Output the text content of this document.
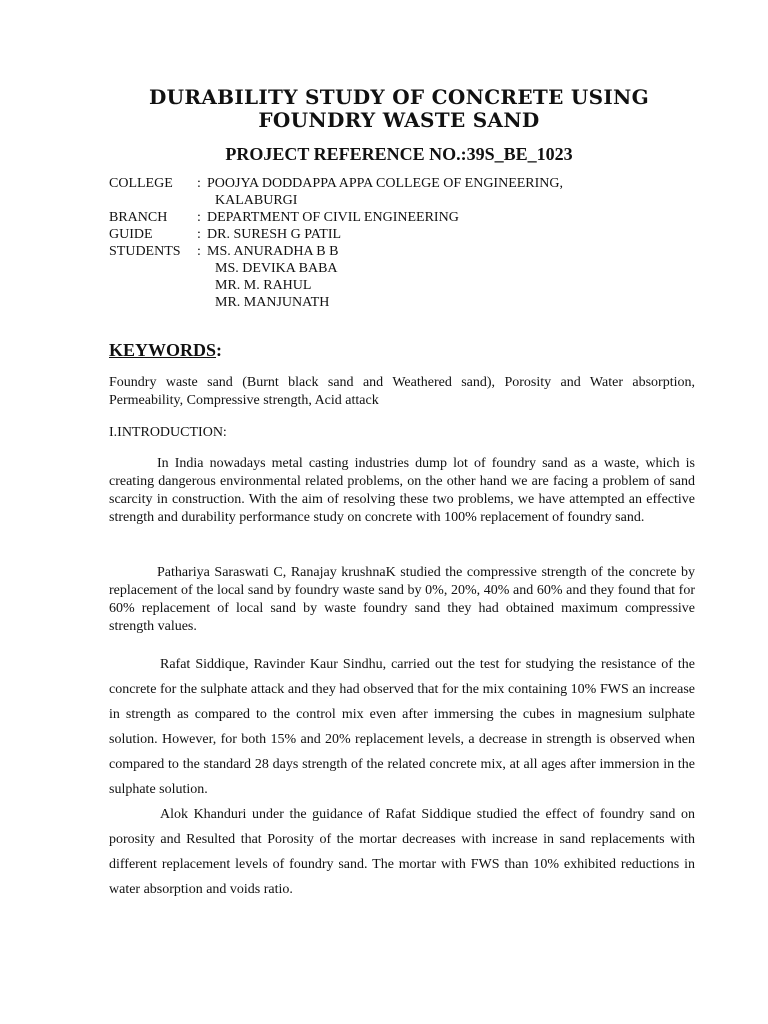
DURABILITY STUDY OF CONCRETE USING FOUNDRY WASTE SAND
PROJECT REFERENCE NO.:39S_BE_1023
COLLEGE	: POOJYA DODDAPPA APPA COLLEGE OF ENGINEERING,
KALABURGI
BRANCH	: DEPARTMENT OF CIVIL ENGINEERING
GUIDE	: DR. SURESH G PATIL
STUDENTS	: MS. ANURADHA B B
MS. DEVIKA BABA
MR. M. RAHUL
MR. MANJUNATH
KEYWORDS:

Foundry waste sand (Burnt black sand and Weathered sand), Porosity and Water absorption, Permeability, Compressive strength, Acid attack

I.INTRODUCTION:

In India nowadays metal casting industries dump lot of foundry sand as a waste, which is creating dangerous environmental related problems, on the other hand we are facing a problem of sand scarcity in construction. With the aim of resolving these two problems, we have attempted an effective strength and durability performance study on concrete with 100% replacement of foundry sand.

Pathariya Saraswati C, Ranajay krushnaK studied the compressive strength of the concrete by replacement of the local sand by foundry waste sand by 0%, 20%, 40% and 60% and they found that for 60% replacement of local sand by waste foundry sand they had obtained maximum compressive strength values.

Rafat Siddique, Ravinder Kaur Sindhu, carried out the test for studying the resistance of the concrete for the sulphate attack and they had observed that for the mix containing 10% FWS an increase in strength as compared to the control mix even after immersing the cubes in magnesium sulphate solution. However, for both 15% and 20% replacement levels, a decrease in strength is observed when compared to the standard 28 days strength of the related concrete mix, at all ages after immersion in the sulphate solution.

Alok Khanduri under the guidance of Rafat Siddique studied the effect of foundry sand on porosity and Resulted that Porosity of the mortar decreases with increase in sand replacements with different replacement levels of foundry sand. The mortar with FWS than 10% exhibited reductions in water absorption and voids ratio.
